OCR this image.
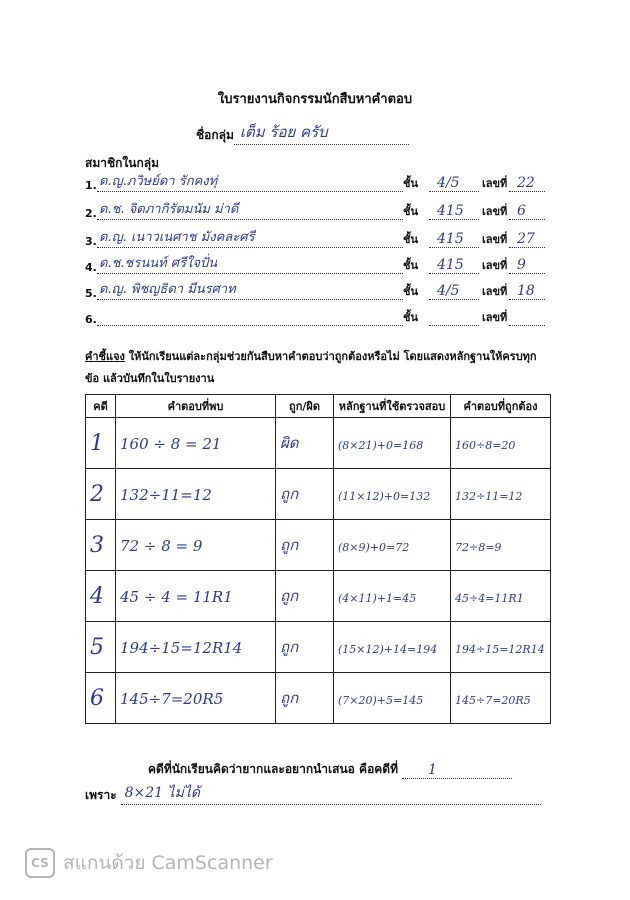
ใบรายงานกิจกรรมนักสืบหาคำตอบ
ชื่อกลุ่ม เต็ม ร้อย ครับ
สมาชิกในกลุ่ม
1. ด.ญ.ภวิษย์ดา รักคงทุ่	ชั้น 4/5 เลขที่ 22
2. ด.ช. จิตภากิรัตมนัม ม่าดี	ชั้น 415 เลขที่ 6
3. ด.ญ. เนาวเนศาช มังคละศรี	ชั้น 415 เลขที่ 27
4. ด.ช.ชรนนท์ ศรีใจปั่น	ชั้น 415 เลขที่ 9
5. ด.ญ. พิชญธิดา มีนรศาท	ชั้น 4/5 เลขที่ 18
6.	ชั้น	เลขที่
คำชี้แจง ให้นักเรียนแต่ละกลุ่มช่วยกันสืบหาคำตอบว่าถูกต้องหรือไม่ โดยแสดงหลักฐานให้ครบทุกข้อ แล้วบันทึกในใบรายงาน
คดี	คำตอบที่พบ	ถูก/ผิด	หลักฐานที่ใช้ตรวจสอบ	คำตอบที่ถูกต้อง
1	160 ÷ 8 = 21	ผิด	(8×21)+0=168	160÷8=20
2	132÷11=12	ถูก	(11×12)+0=132	132÷11=12
3	72 ÷ 8 = 9	ถูก	(8×9)+0=72	72÷8=9
4	45 ÷ 4 = 11R1	ถูก	(4×11)+1=45	45÷4=11R1
5	194÷15=12R14	ถูก	(15×12)+14=194	194÷15=12R14
6	145÷7=20R5	ถูก	(7×20)+5=145	145÷7=20R5
คดีที่นักเรียนคิดว่ายากและอยากนำเสนอ คือคดีที่ 1
เพราะ 8×21 ไม่ได้
CS สแกนด้วย CamScanner
